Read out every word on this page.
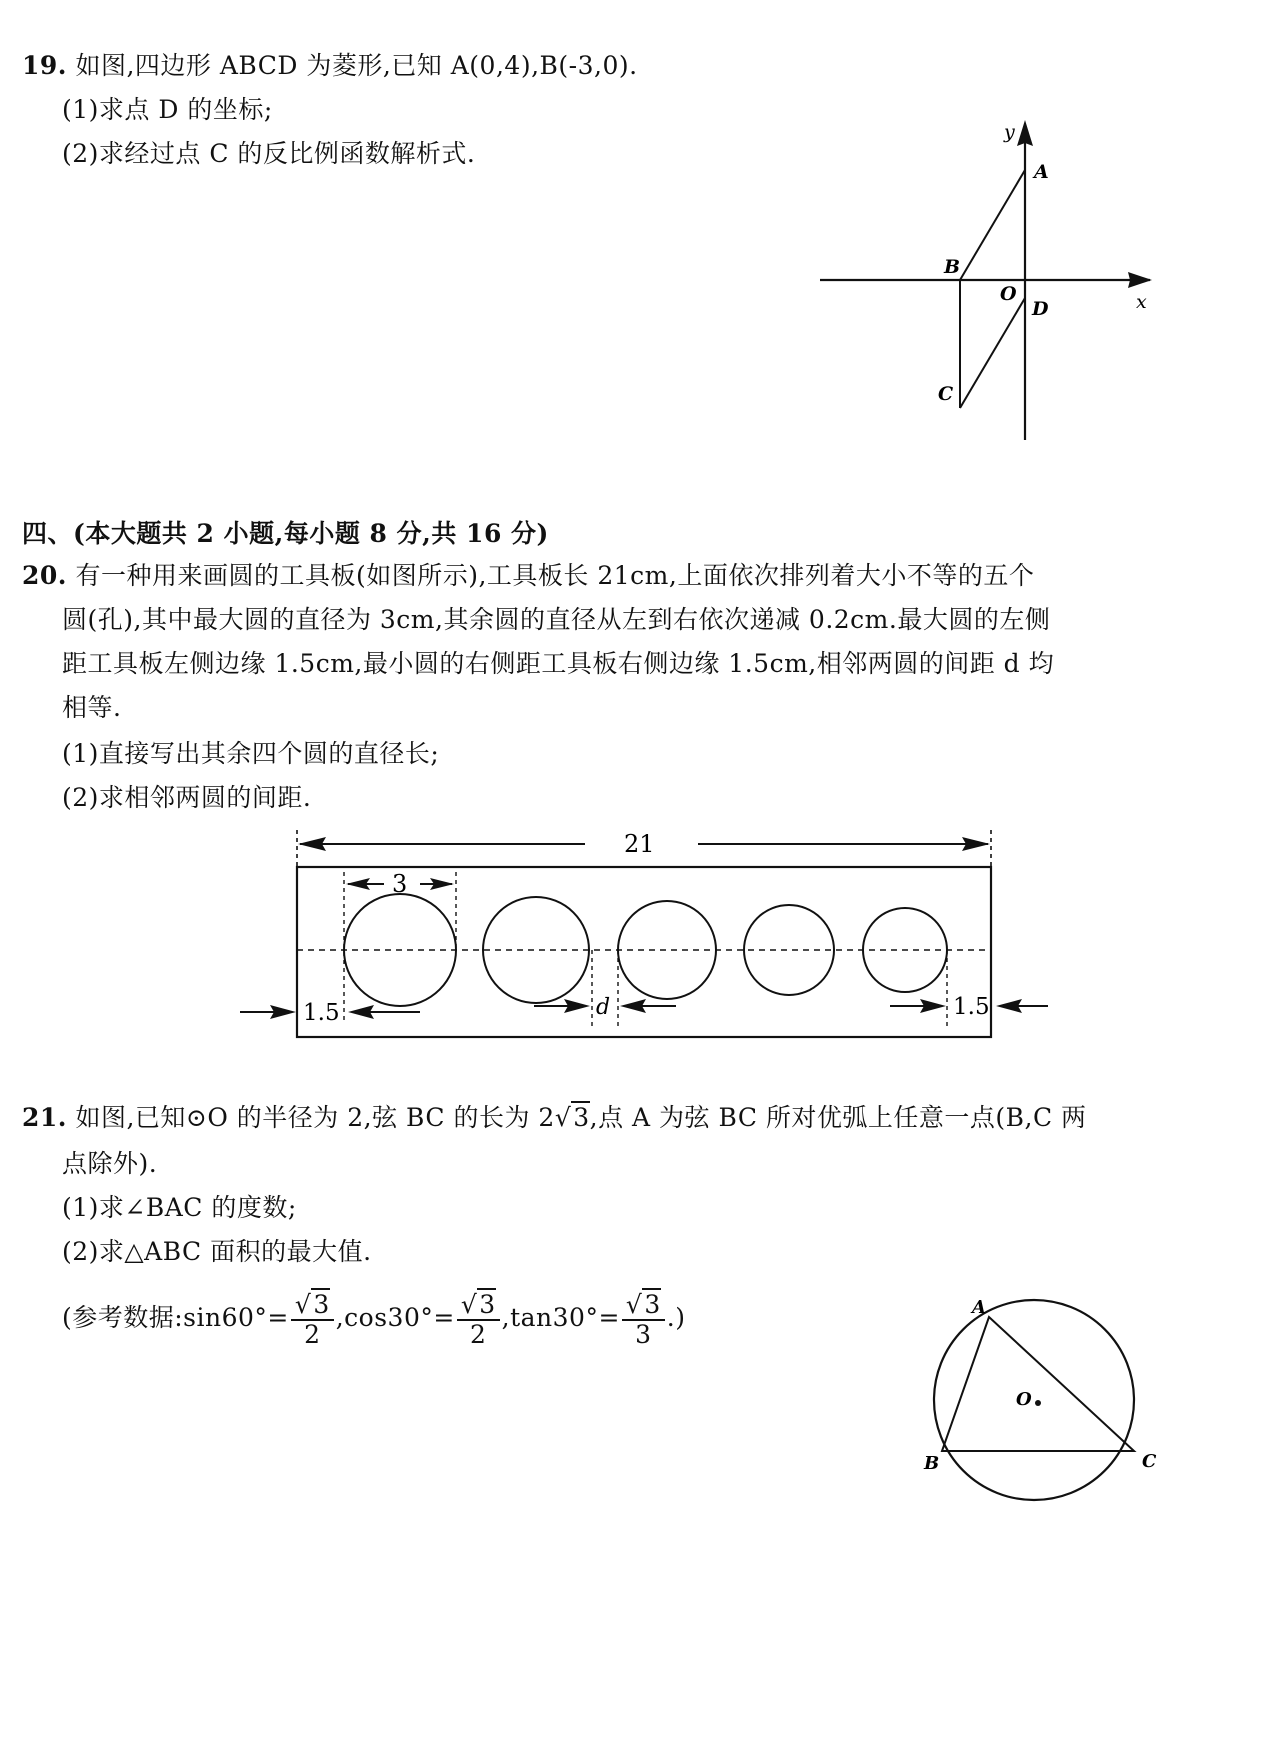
19. 如图,四边形 ABCD 为菱形,已知 A(0,4),B(-3,0).
(1)求点 D 的坐标;
(2)求经过点 C 的反比例函数解析式.
y
x
A
B
O
D
C
四、(本大题共 2 小题,每小题 8 分,共 16 分)
20. 有一种用来画圆的工具板(如图所示),工具板长 21cm,上面依次排列着大小不等的五个
圆(孔),其中最大圆的直径为 3cm,其余圆的直径从左到右依次递减 0.2cm.最大圆的左侧
距工具板左侧边缘 1.5cm,最小圆的右侧距工具板右侧边缘 1.5cm,相邻两圆的间距 d 均
相等.
(1)直接写出其余四个圆的直径长;
(2)求相邻两圆的间距.
21
3
1.5	d	1.5
21. 如图,已知⊙O 的半径为 2,弦 BC 的长为 2√3,点 A 为弦 BC 所对优弧上任意一点(B,C 两
点除外).
(1)求∠BAC 的度数;
(2)求△ABC 面积的最大值.
(参考数据:sin60°= $\frac{√3}{2} ,\cos 30^\circ= \frac{√3}{2} ,\tan 30^\circ= \frac{√3}{3}$ .)	A
B	C
O
